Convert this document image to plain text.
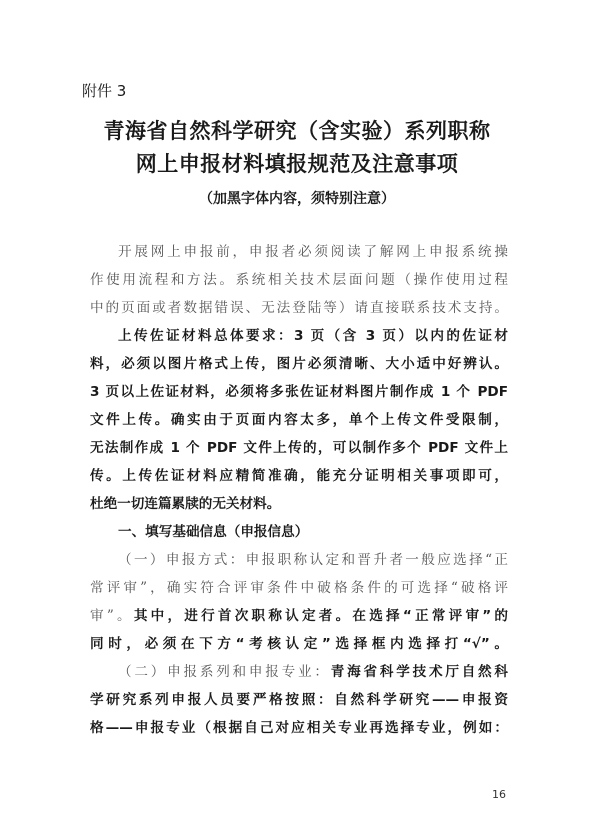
附件 3
青海省自然科学研究（含实验）系列职称
网上申报材料填报规范及注意事项
（加黑字体内容，须特别注意）
开展网上申报前，申报者必须阅读了解网上申报系统操
作使用流程和方法。系统相关技术层面问题（操作使用过程
中的页面或者数据错误、无法登陆等）请直接联系技术支持。
上传佐证材料总体要求：3 页（含 3 页）以内的佐证材
料，必须以图片格式上传，图片必须清晰、大小适中好辨认。
3 页以上佐证材料，必须将多张佐证材料图片制作成 1 个 PDF
文件上传。确实由于页面内容太多，单个上传文件受限制，
无法制作成 1 个 PDF 文件上传的，可以制作多个 PDF 文件上
传。上传佐证材料应精简准确，能充分证明相关事项即可，
杜绝一切连篇累牍的无关材料。
一、填写基础信息（申报信息）
（一）申报方式：申报职称认定和晋升者一般应选择“正
常评审”，确实符合评审条件中破格条件的可选择“破格评
审”。其中，进行首次职称认定者。在选择“正常评审”的
同时，必须在下方“考核认定”选择框内选择打“√”。
（二）申报系列和申报专业：青海省科学技术厅自然科
学研究系列申报人员要严格按照：自然科学研究——申报资
格——申报专业（根据自己对应相关专业再选择专业，例如：
16
